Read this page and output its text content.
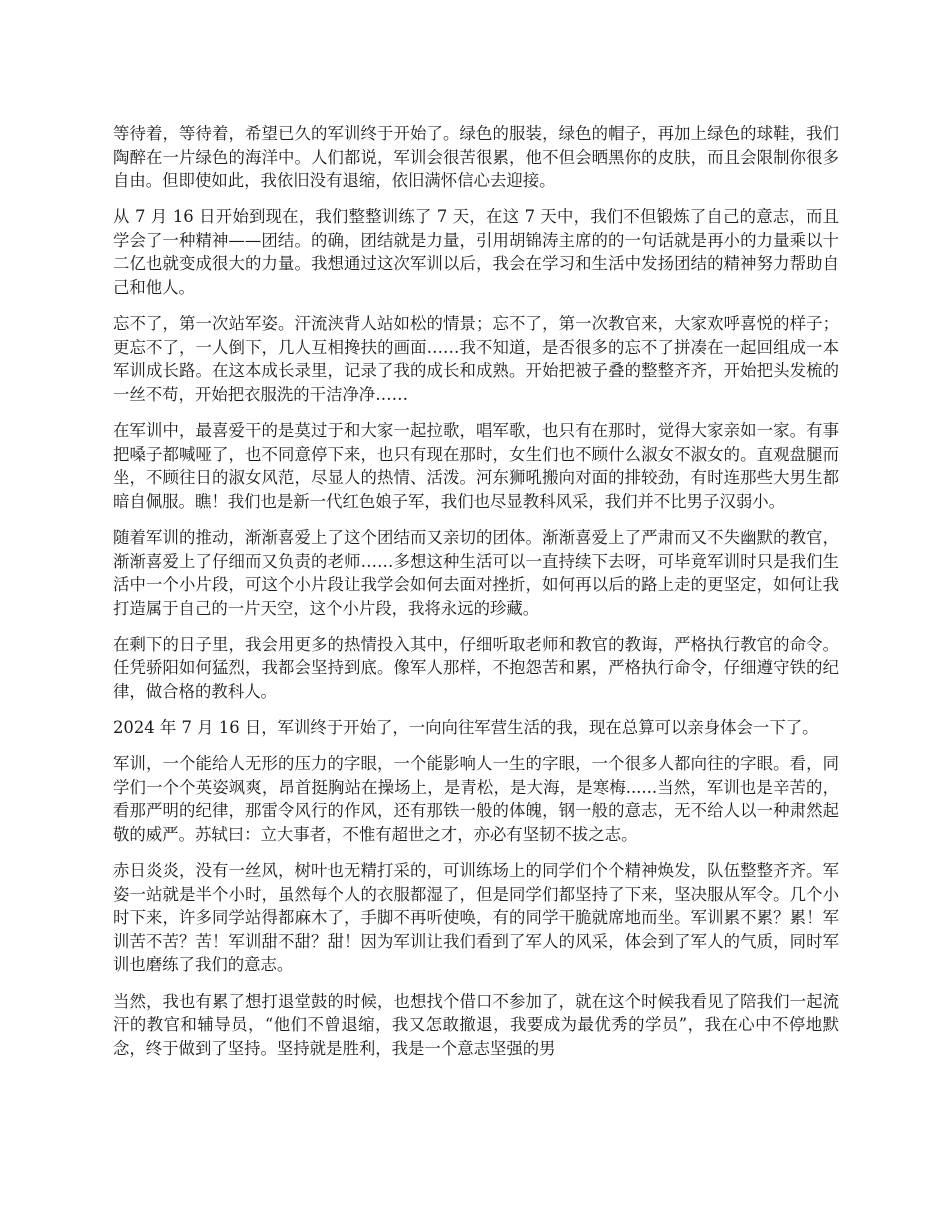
等待着，等待着，希望已久的军训终于开始了。绿色的服装，绿色的帽子，再加上绿色的球鞋，我们陶醉在一片绿色的海洋中。人们都说，军训会很苦很累，他不但会晒黑你的皮肤，而且会限制你很多自由。但即使如此，我依旧没有退缩，依旧满怀信心去迎接。

从 7 月 16 日开始到现在，我们整整训练了 7 天，在这 7 天中，我们不但锻炼了自己的意志，而且学会了一种精神——团结。的确，团结就是力量，引用胡锦涛主席的的一句话就是再小的力量乘以十二亿也就变成很大的力量。我想通过这次军训以后，我会在学习和生活中发扬团结的精神努力帮助自己和他人。

忘不了，第一次站军姿。汗流浃背人站如松的情景；忘不了，第一次教官来，大家欢呼喜悦的样子；更忘不了，一人倒下，几人互相搀扶的画面……我不知道，是否很多的忘不了拼凑在一起回组成一本军训成长路。在这本成长录里，记录了我的成长和成熟。开始把被子叠的整整齐齐，开始把头发梳的一丝不苟，开始把衣服洗的干洁净净……

在军训中，最喜爱干的是莫过于和大家一起拉歌，唱军歌，也只有在那时，觉得大家亲如一家。有事把嗓子都喊哑了，也不同意停下来，也只有现在那时，女生们也不顾什么淑女不淑女的。直观盘腿而坐，不顾往日的淑女风范，尽显人的热情、活泼。河东狮吼搬向对面的排较劲，有时连那些大男生都暗自佩服。瞧！我们也是新一代红色娘子军，我们也尽显教科风采，我们并不比男子汉弱小。

随着军训的推动，渐渐喜爱上了这个团结而又亲切的团体。渐渐喜爱上了严肃而又不失幽默的教官，渐渐喜爱上了仔细而又负责的老师……多想这种生活可以一直持续下去呀，可毕竟军训时只是我们生活中一个小片段，可这个小片段让我学会如何去面对挫折，如何再以后的路上走的更坚定，如何让我打造属于自己的一片天空，这个小片段，我将永远的珍藏。

在剩下的日子里，我会用更多的热情投入其中，仔细听取老师和教官的教诲，严格执行教官的命令。任凭骄阳如何猛烈，我都会坚持到底。像军人那样，不抱怨苦和累，严格执行命令，仔细遵守铁的纪律，做合格的教科人。

2024 年 7 月 16 日，军训终于开始了，一向向往军营生活的我，现在总算可以亲身体会一下了。

军训，一个能给人无形的压力的字眼，一个能影响人一生的字眼，一个很多人都向往的字眼。看，同学们一个个英姿飒爽，昂首挺胸站在操场上，是青松，是大海，是寒梅......当然，军训也是辛苦的，看那严明的纪律，那雷令风行的作风，还有那铁一般的体魄，钢一般的意志，无不给人以一种肃然起敬的威严。苏轼曰：立大事者，不惟有超世之才，亦必有坚韧不拔之志。

赤日炎炎，没有一丝风，树叶也无精打采的，可训练场上的同学们个个精神焕发，队伍整整齐齐。军姿一站就是半个小时，虽然每个人的衣服都湿了，但是同学们都坚持了下来，坚决服从军令。几个小时下来，许多同学站得都麻木了，手脚不再听使唤，有的同学干脆就席地而坐。军训累不累？累！军训苦不苦？苦！军训甜不甜？甜！因为军训让我们看到了军人的风采，体会到了军人的气质，同时军训也磨练了我们的意志。

当然，我也有累了想打退堂鼓的时候，也想找个借口不参加了，就在这个时候我看见了陪我们一起流汗的教官和辅导员，“他们不曾退缩，我又怎敢撤退，我要成为最优秀的学员”，我在心中不停地默念，终于做到了坚持。坚持就是胜利，我是一个意志坚强的男
